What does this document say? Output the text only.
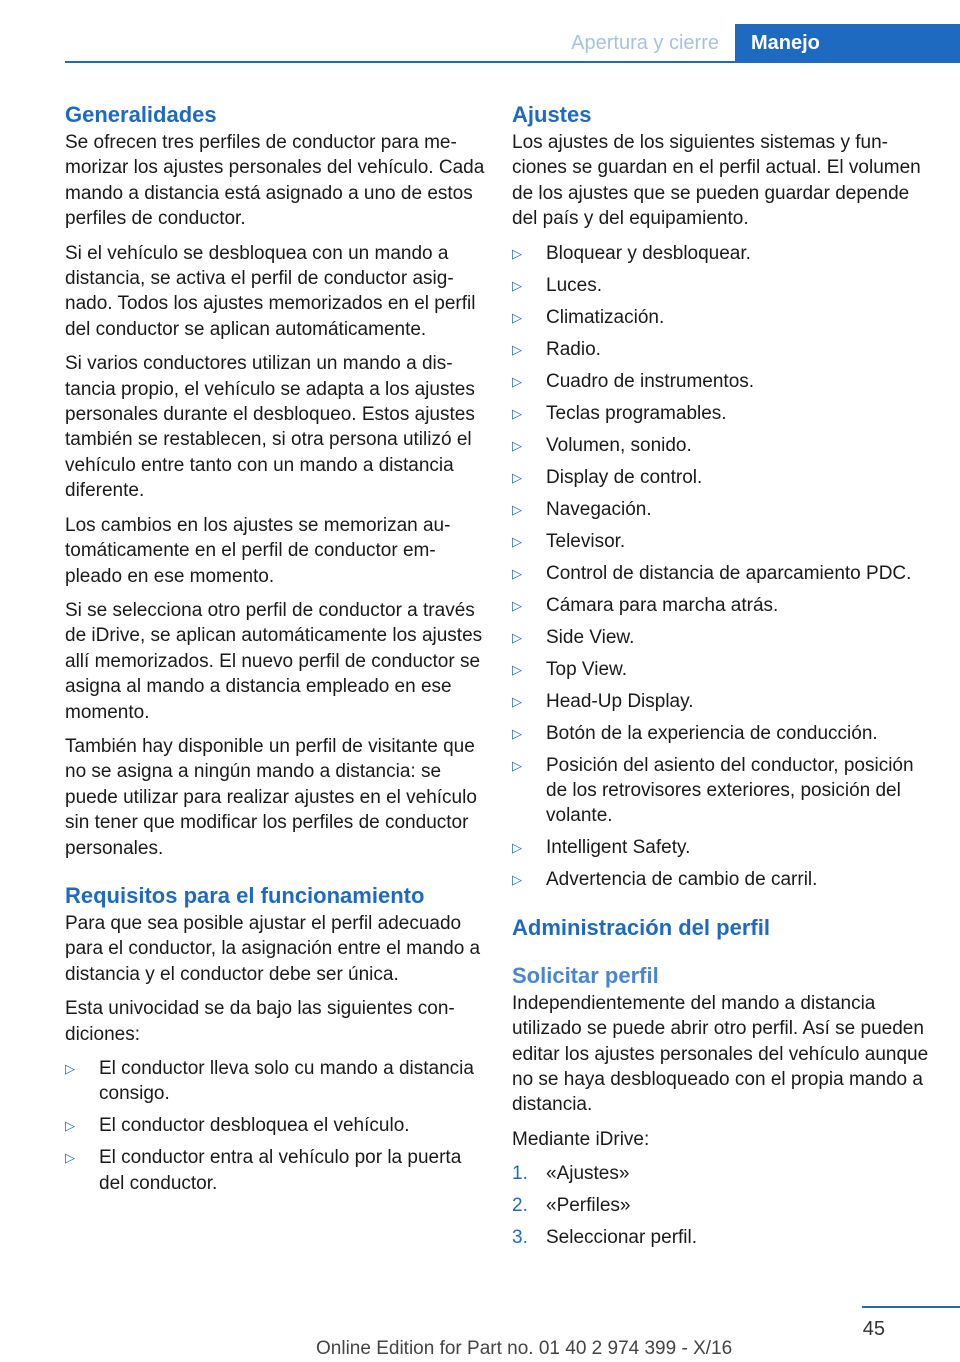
Apertura y cierre	Manejo
Generalidades

Se ofrecen tres perfiles de conductor para memorizar los ajustes personales del vehículo. Cada mando a distancia está asignado a uno de estos perfiles de conductor.

Si el vehículo se desbloquea con un mando a distancia, se activa el perfil de conductor asignado. Todos los ajustes memorizados en el perfil del conductor se aplican automáticamente.

Si varios conductores utilizan un mando a distancia propio, el vehículo se adapta a los ajustes personales durante el desbloqueo. Estos ajustes también se restablecen, si otra persona utilizó el vehículo entre tanto con un mando a distancia diferente.

Los cambios en los ajustes se memorizan automáticamente en el perfil de conductor empleado en ese momento.

Si se selecciona otro perfil de conductor a través de iDrive, se aplican automáticamente los ajustes allí memorizados. El nuevo perfil de conductor se asigna al mando a distancia empleado en ese momento.

También hay disponible un perfil de visitante que no se asigna a ningún mando a distancia: se puede utilizar para realizar ajustes en el vehículo sin tener que modificar los perfiles de conductor personales.

Requisitos para el funcionamiento

Para que sea posible ajustar el perfil adecuado para el conductor, la asignación entre el mando a distancia y el conductor debe ser única.

Esta univocidad se da bajo las siguientes condiciones:

▷ El conductor lleva solo cu mando a distancia consigo.
▷ El conductor desbloquea el vehículo.
▷ El conductor entra al vehículo por la puerta del conductor.
Ajustes

Los ajustes de los siguientes sistemas y funciones se guardan en el perfil actual. El volumen de los ajustes que se pueden guardar depende del país y del equipamiento.

▷ Bloquear y desbloquear.
▷ Luces.
▷ Climatización.
▷ Radio.
▷ Cuadro de instrumentos.
▷ Teclas programables.
▷ Volumen, sonido.
▷ Display de control.
▷ Navegación.
▷ Televisor.
▷ Control de distancia de aparcamiento PDC.
▷ Cámara para marcha atrás.
▷ Side View.
▷ Top View.
▷ Head-Up Display.
▷ Botón de la experiencia de conducción.
▷ Posición del asiento del conductor, posición de los retrovisores exteriores, posición del volante.
▷ Intelligent Safety.
▷ Advertencia de cambio de carril.
Administración del perfil
Solicitar perfil

Independientemente del mando a distancia utilizado se puede abrir otro perfil. Así se pueden editar los ajustes personales del vehículo aunque no se haya desbloqueado con el propia mando a distancia.

Mediante iDrive:

1. «Ajustes»
2. «Perfiles»
3. Seleccionar perfil.
45
Online Edition for Part no. 01 40 2 974 399 - X/16
